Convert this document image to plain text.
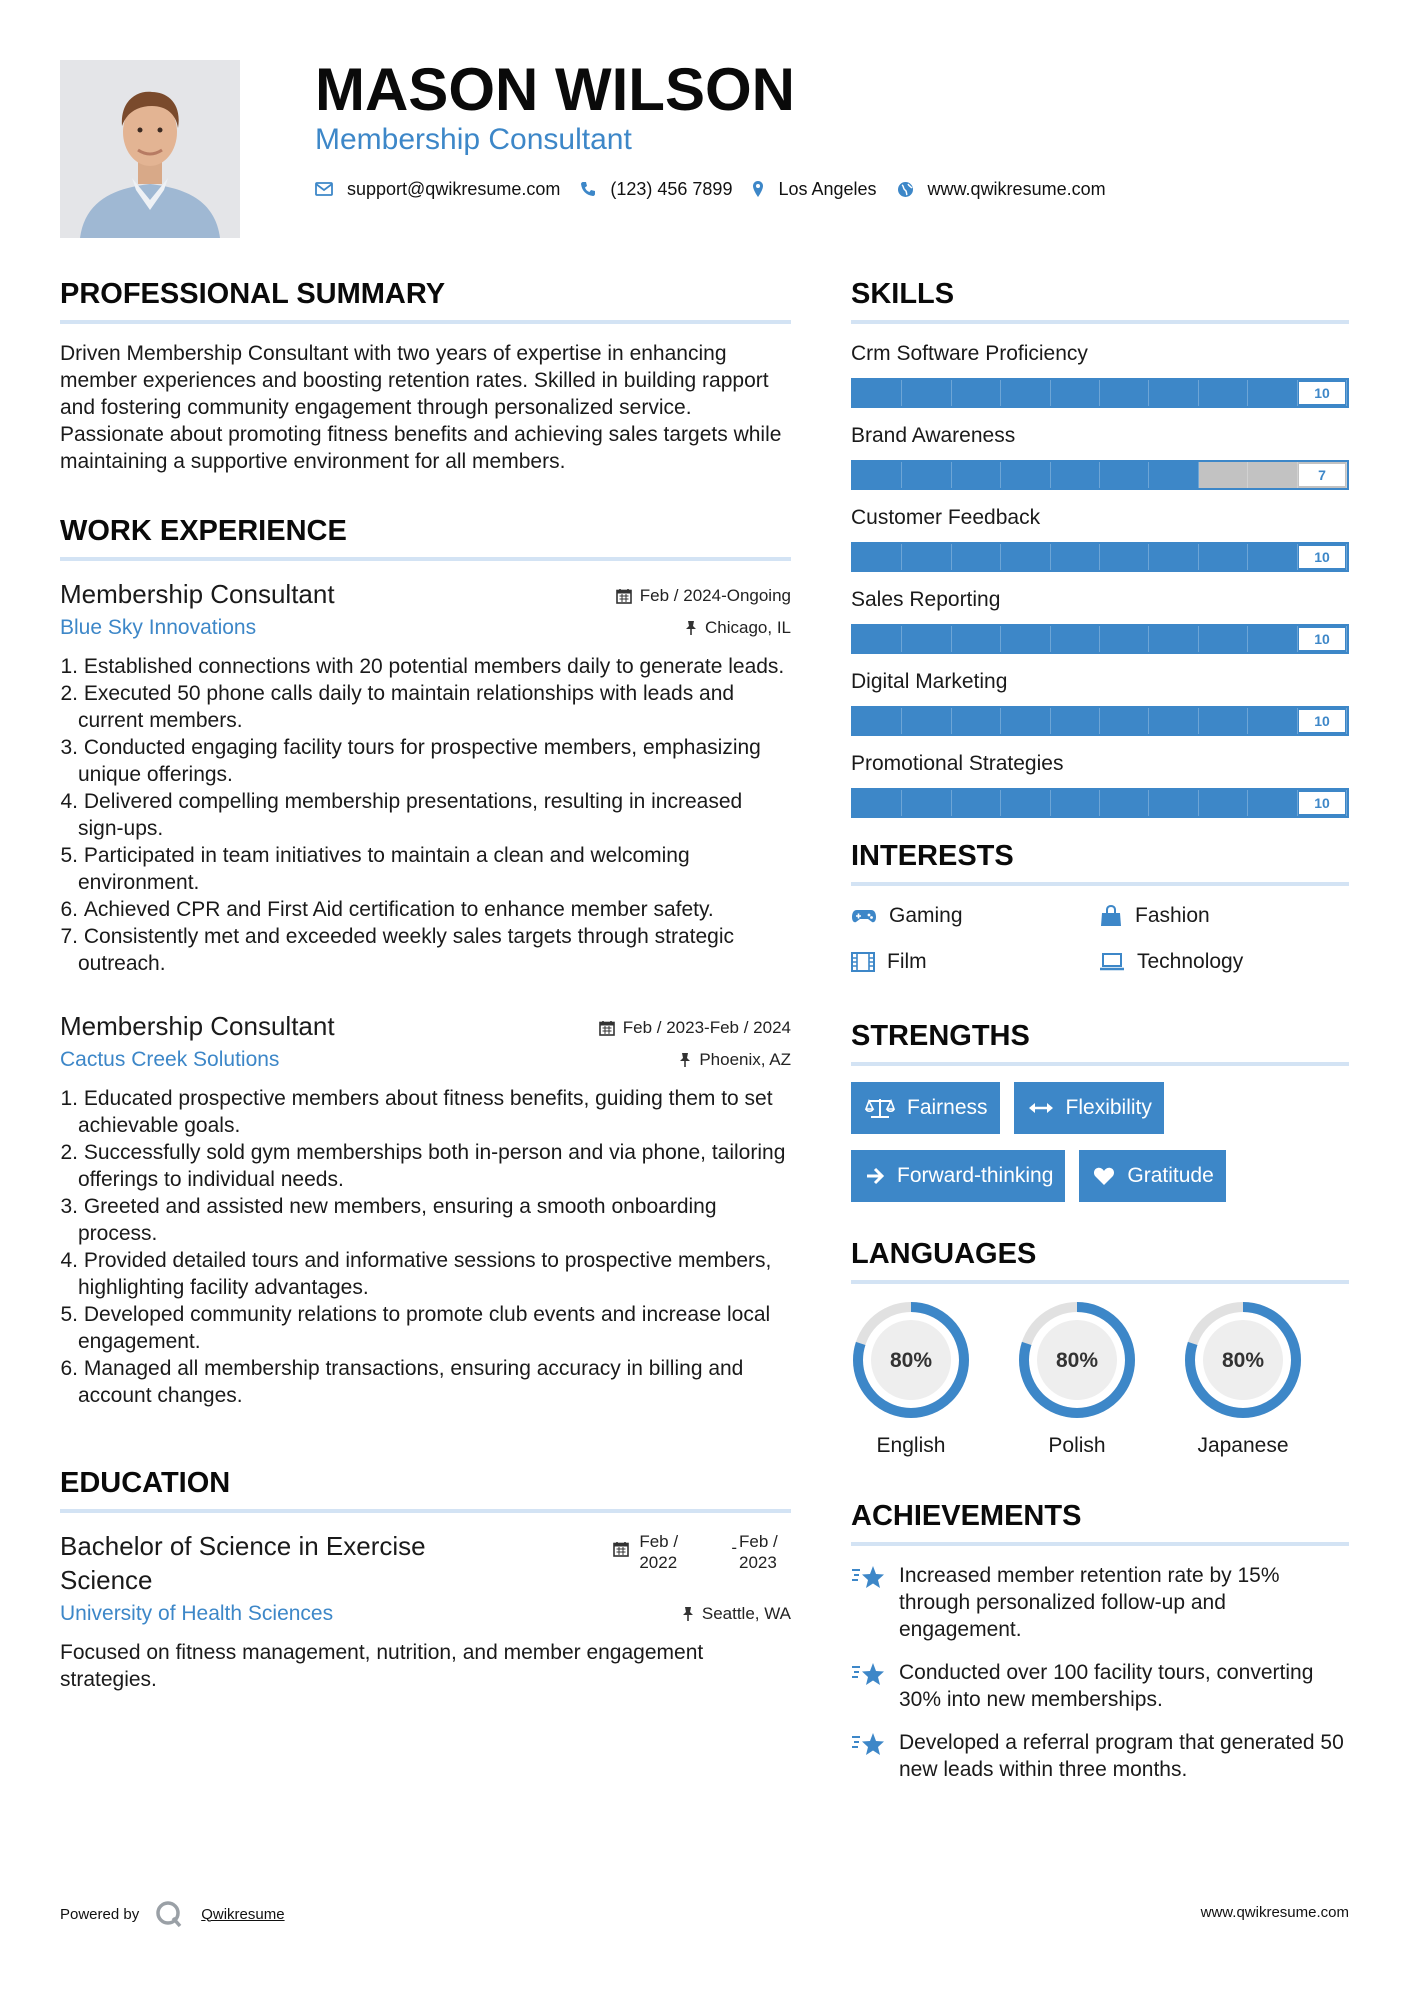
MASON WILSON
Membership Consultant
support@qwikresume.com	(123) 456 7899	Los Angeles	www.qwikresume.com
PROFESSIONAL SUMMARY

Driven Membership Consultant with two years of expertise in enhancing member experiences and boosting retention rates. Skilled in building rapport and fostering community engagement through personalized service. Passionate about promoting fitness benefits and achieving sales targets while maintaining a supportive environment for all members.

WORK EXPERIENCE
Membership Consultant	Feb / 2024-Ongoing
Blue Sky Innovations	Chicago, IL
1. Established connections with 20 potential members daily to generate leads.
2. Executed 50 phone calls daily to maintain relationships with leads and current members.
3. Conducted engaging facility tours for prospective members, emphasizing unique offerings.
4. Delivered compelling membership presentations, resulting in increased sign-ups.
5. Participated in team initiatives to maintain a clean and welcoming environment.
6. Achieved CPR and First Aid certification to enhance member safety.
7. Consistently met and exceeded weekly sales targets through strategic outreach.
Membership Consultant	Feb / 2023-Feb / 2024
Cactus Creek Solutions	Phoenix, AZ
1. Educated prospective members about fitness benefits, guiding them to set achievable goals.
2. Successfully sold gym memberships both in-person and via phone, tailoring offerings to individual needs.
3. Greeted and assisted new members, ensuring a smooth onboarding process.
4. Provided detailed tours and informative sessions to prospective members, highlighting facility advantages.
5. Developed community relations to promote club events and increase local engagement.
6. Managed all membership transactions, ensuring accuracy in billing and account changes.
EDUCATION
Bachelor of Science in Exercise Science
Feb / 2022
- Feb / 2023
University of Health Sciences	Seattle, WA

Focused on fitness management, nutrition, and member engagement strategies.

SKILLS
Crm Software Proficiency
10
Brand Awareness
7
Customer Feedback
10
Sales Reporting
10
Digital Marketing
10
Promotional Strategies
10
INTERESTS
Gaming	Fashion
Film	Technology
STRENGTHS
Fairness	Flexibility
Forward-thinking	Gratitude
LANGUAGES
80%
English
80%
Polish
80%
Japanese
ACHIEVEMENTS
Increased member retention rate by 15% through personalized follow-up and engagement.
Conducted over 100 facility tours, converting 30% into new memberships.
Developed a referral program that generated 50 new leads within three months.
Powered by	Qwikresume	www.qwikresume.com
